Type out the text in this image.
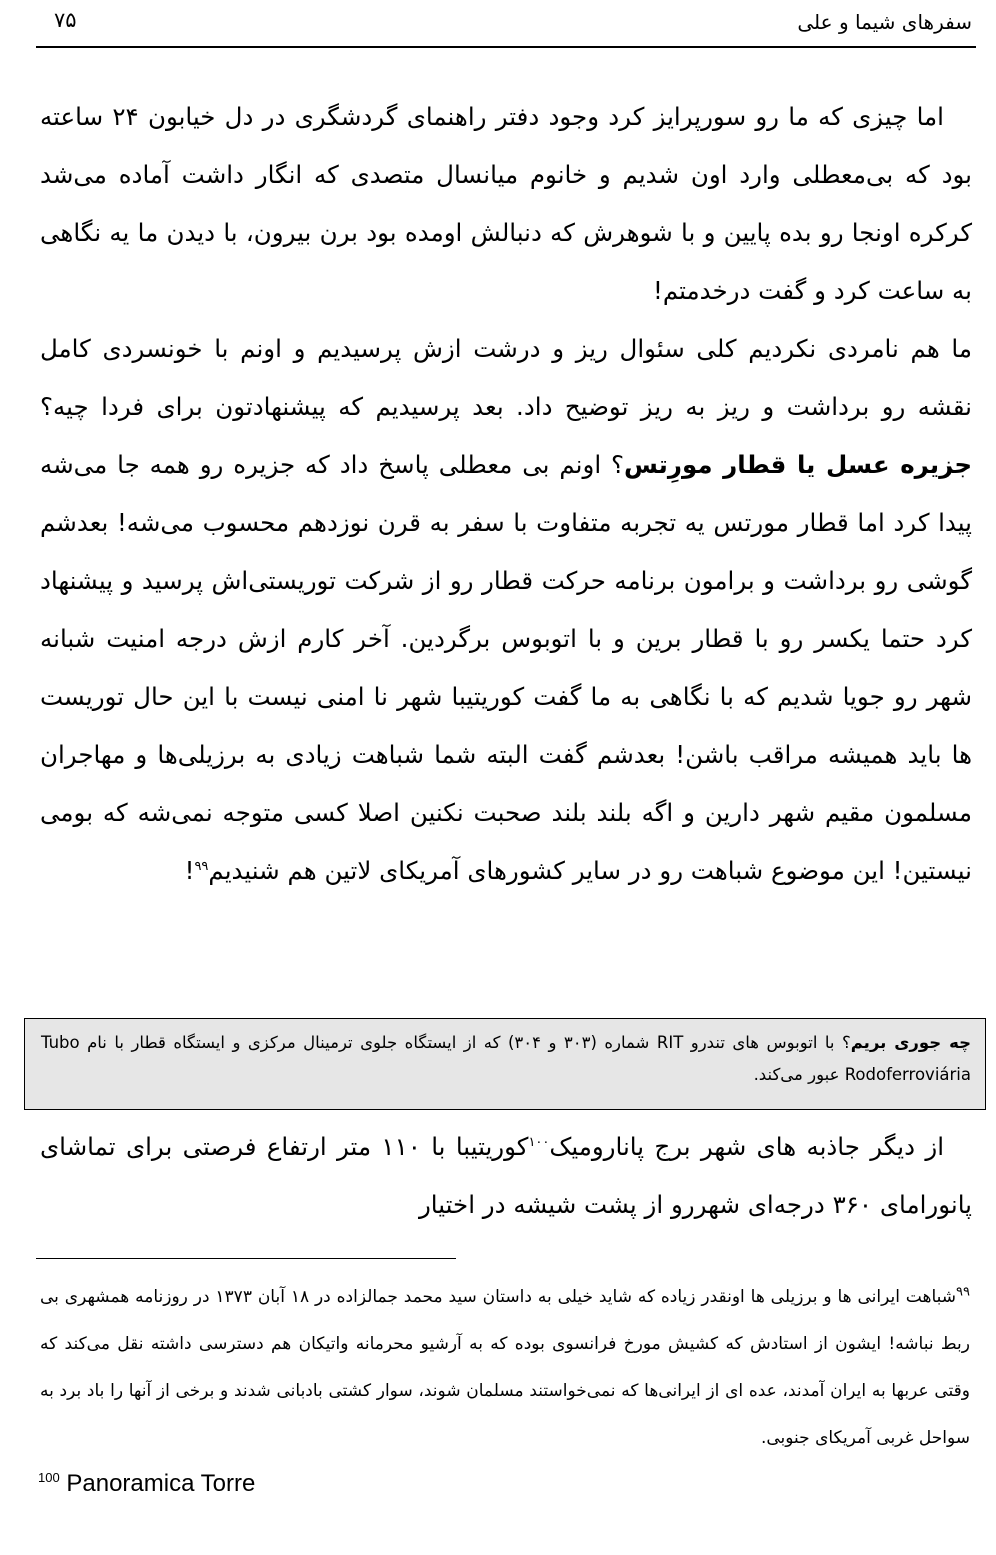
سفرهای شیما و علی
۷۵

اما چیزی که ما رو سورپرایز کرد وجود دفتر راهنمای گردشگری در دل خیابون ۲۴ ساعته بود که بی‌معطلی وارد اون شدیم و خانوم میانسال متصدی که انگار داشت آماده می‌شد کرکره اونجا رو بده پایین و با شوهرش که دنبالش اومده بود برن بیرون، با دیدن ما یه نگاهی به ساعت کرد و گفت درخدمتم!

ما هم نامردی نکردیم کلی سئوال ریز و درشت ازش پرسیدیم و اونم با خونسردی کامل نقشه رو برداشت و ریز به ریز توضیح داد. بعد پرسیدیم که پیشنهادتون برای فردا چیه؟ جزیره عسل یا قطار مورِتس؟ اونم بی معطلی پاسخ داد که جزیره رو همه جا می‌شه پیدا کرد اما قطار مورتس یه تجربه متفاوت با سفر به قرن نوزدهم محسوب می‌شه! بعدشم گوشی رو برداشت و برامون برنامه حرکت قطار رو از شرکت توریستی‌اش پرسید و پیشنهاد کرد حتما یکسر رو با قطار برین و با اتوبوس برگردین. آخر کارم ازش درجه امنیت شبانه شهر رو جویا شدیم که با نگاهی به ما گفت کوریتیبا شهر نا امنی نیست با این حال توریست ها باید همیشه مراقب باشن! بعدشم گفت البته شما شباهت زیادی به برزیلی‌ها و مهاجران مسلمون مقیم شهر دارین و اگه بلند بلند صحبت نکنین اصلا کسی متوجه نمی‌شه که بومی نیستین! این موضوع شباهت رو در سایر کشورهای آمریکای لاتین هم شنیدیم$^{۹۹}$!

چه جوری بریم؟ با اتوبوس های تندرو RIT شماره (۳۰۳ و ۳۰۴) که از ایستگاه جلوی ترمینال مرکزی و ایستگاه قطار با نام Tubo Rodoferroviária عبور می‌کند.

از دیگر جاذبه های شهر برج پاناروميک$^{۱۰۰}$کوریتیبا با ۱۱۰ متر ارتفاع فرصتی برای تماشای پانورامای ۳۶۰ درجه‌ای شهررو از پشت شیشه در اختیار

$^{۹۹}$شباهت ایرانی ها و برزیلی ها اونقدر زیاده که شاید خیلی به داستان سید محمد جمالزاده در ۱۸ آبان ۱۳۷۳ در روزنامه همشهری بی ربط نباشه! ایشون از استادش که کشیش مورخ فرانسوی بوده که به آرشیو محرمانه واتیکان هم دسترسی داشته نقل می‌کند که وقتی عربها به ایران آمدند، عده ای از ایرانی‌ها که نمی‌خواستند مسلمان شوند، سوار کشتی بادبانی شدند و برخی از آنها را باد برد به سواحل غربی آمریکای جنوبی.
$^{100}$ Panoramica Torre
